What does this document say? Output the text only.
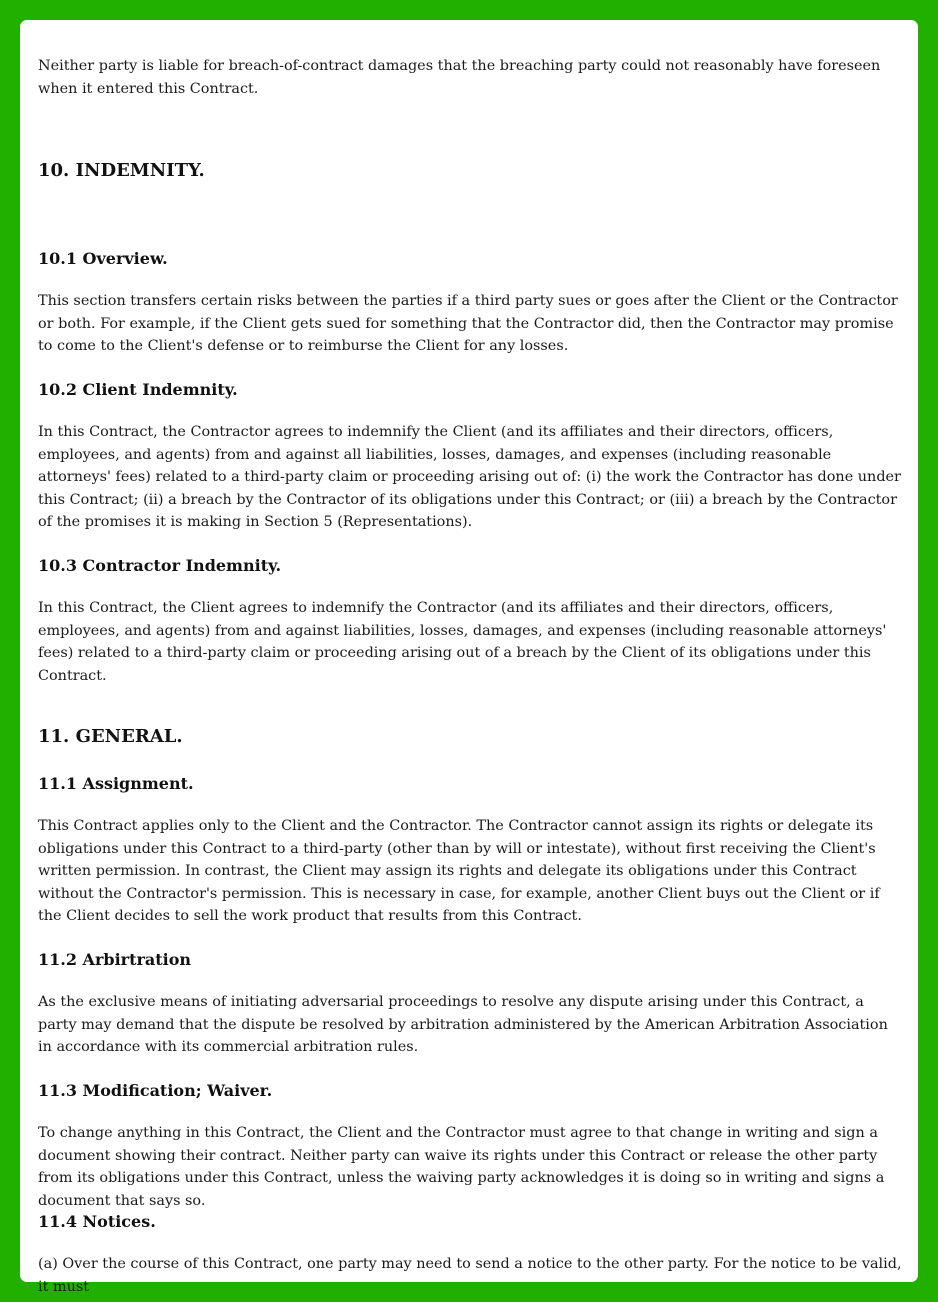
Neither party is liable for breach-of-contract damages that the breaching party could not reasonably have foreseen when it entered this Contract.

10. INDEMNITY.
10.1 Overview.

This section transfers certain risks between the parties if a third party sues or goes after the Client or the Contractor or both. For example, if the Client gets sued for something that the Contractor did, then the Contractor may promise to come to the Client's defense or to reimburse the Client for any losses.

10.2 Client Indemnity.

In this Contract, the Contractor agrees to indemnify the Client (and its affiliates and their directors, officers, employees, and agents) from and against all liabilities, losses, damages, and expenses (including reasonable attorneys' fees) related to a third-party claim or proceeding arising out of: (i) the work the Contractor has done under this Contract; (ii) a breach by the Contractor of its obligations under this Contract; or (iii) a breach by the Contractor of the promises it is making in Section 5 (Representations).

10.3 Contractor Indemnity.

In this Contract, the Client agrees to indemnify the Contractor (and its affiliates and their directors, officers, employees, and agents) from and against liabilities, losses, damages, and expenses (including reasonable attorneys' fees) related to a third-party claim or proceeding arising out of a breach by the Client of its obligations under this Contract.

11. GENERAL.
11.1 Assignment.

This Contract applies only to the Client and the Contractor. The Contractor cannot assign its rights or delegate its obligations under this Contract to a third-party (other than by will or intestate), without first receiving the Client's written permission. In contrast, the Client may assign its rights and delegate its obligations under this Contract without the Contractor's permission. This is necessary in case, for example, another Client buys out the Client or if the Client decides to sell the work product that results from this Contract.

11.2 Arbirtration

As the exclusive means of initiating adversarial proceedings to resolve any dispute arising under this Contract, a party may demand that the dispute be resolved by arbitration administered by the American Arbitration Association in accordance with its commercial arbitration rules.

11.3 Modification; Waiver.

To change anything in this Contract, the Client and the Contractor must agree to that change in writing and sign a document showing their contract. Neither party can waive its rights under this Contract or release the other party from its obligations under this Contract, unless the waiving party acknowledges it is doing so in writing and signs a document that says so.

11.4 Notices.

(a) Over the course of this Contract, one party may need to send a notice to the other party. For the notice to be valid, it must
